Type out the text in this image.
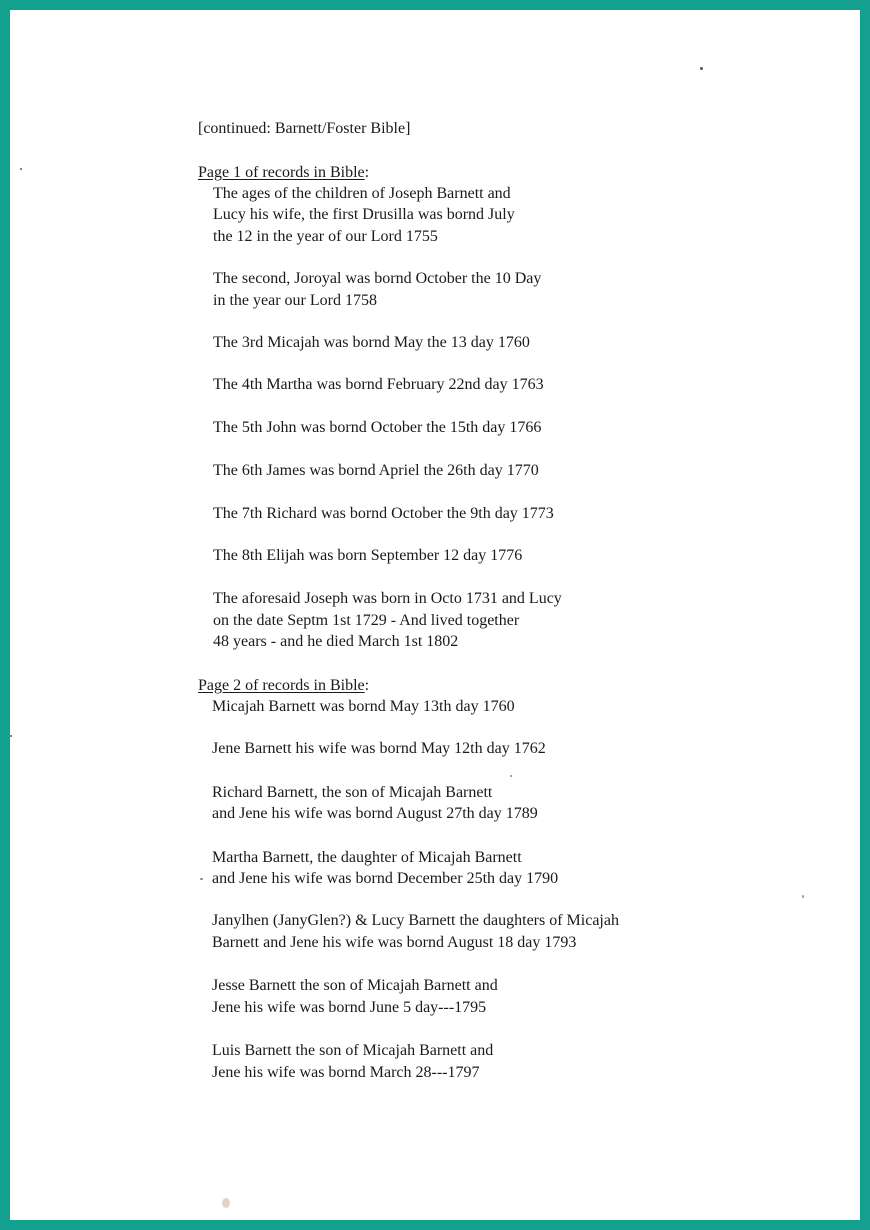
[continued: Barnett/Foster Bible]
Page 1 of records in Bible:
The ages of the children of Joseph Barnett and
Lucy his wife, the first Drusilla was bornd July
the 12 in the year of our Lord 1755
The second, Joroyal was bornd October the 10 Day
in the year our Lord 1758
The 3rd Micajah was bornd May the 13 day 1760
The 4th Martha was bornd February 22nd day 1763
The 5th John was bornd October the 15th day 1766
The 6th James was bornd Apriel the 26th day 1770
The 7th Richard was bornd October the 9th day 1773
The 8th Elijah was born September 12 day 1776
The aforesaid Joseph was born in Octo 1731 and Lucy
on the date Septm 1st 1729 - And lived together
48 years - and he died March 1st 1802
Page 2 of records in Bible:
Micajah Barnett was bornd May 13th day 1760
Jene Barnett his wife was bornd May 12th day 1762
Richard Barnett, the son of Micajah Barnett
and Jene his wife was bornd August 27th day 1789
Martha Barnett, the daughter of Micajah Barnett
and Jene his wife was bornd December 25th day 1790
Janylhen (JanyGlen?) & Lucy Barnett the daughters of Micajah
Barnett and Jene his wife was bornd August 18 day 1793
Jesse Barnett the son of Micajah Barnett and
Jene his wife was bornd June 5 day---1795
Luis Barnett the son of Micajah Barnett and
Jene his wife was bornd March 28---1797
